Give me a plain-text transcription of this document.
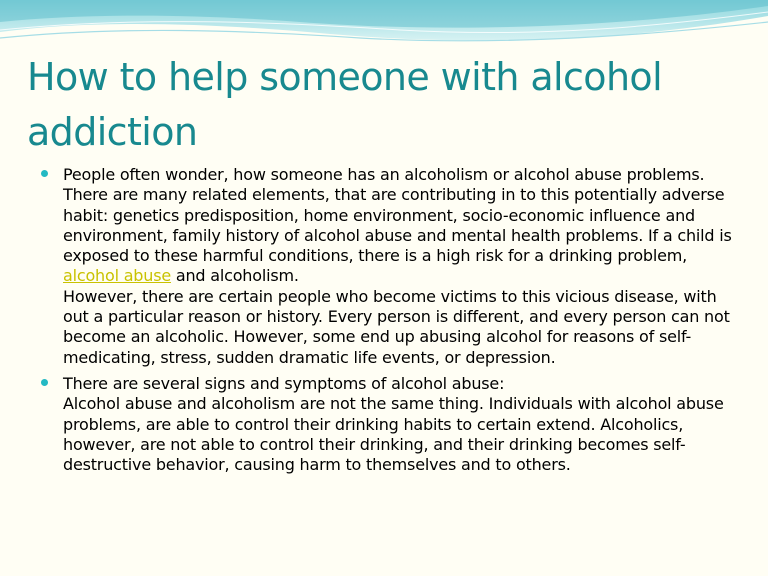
How to help someone with alcohol addiction
People often wonder, how someone has an alcoholism or alcohol abuse problems. There are many related elements, that are contributing in to this potentially adverse habit: genetics predisposition, home environment, socio-economic influence and environment, family history of alcohol abuse and mental health problems. If a child is exposed to these harmful conditions, there is a high risk for a drinking problem, alcohol abuse and alcoholism.
However, there are certain people who become victims to this vicious disease, with out a particular reason or history. Every person is different, and every person can not become an alcoholic. However, some end up abusing alcohol for reasons of self-medicating, stress, sudden dramatic life events, or depression.
There are several signs and symptoms of alcohol abuse:
Alcohol abuse and alcoholism are not the same thing. Individuals with alcohol abuse problems, are able to control their drinking habits to certain extend. Alcoholics, however, are not able to control their drinking, and their drinking becomes self-destructive behavior, causing harm to themselves and to others.
